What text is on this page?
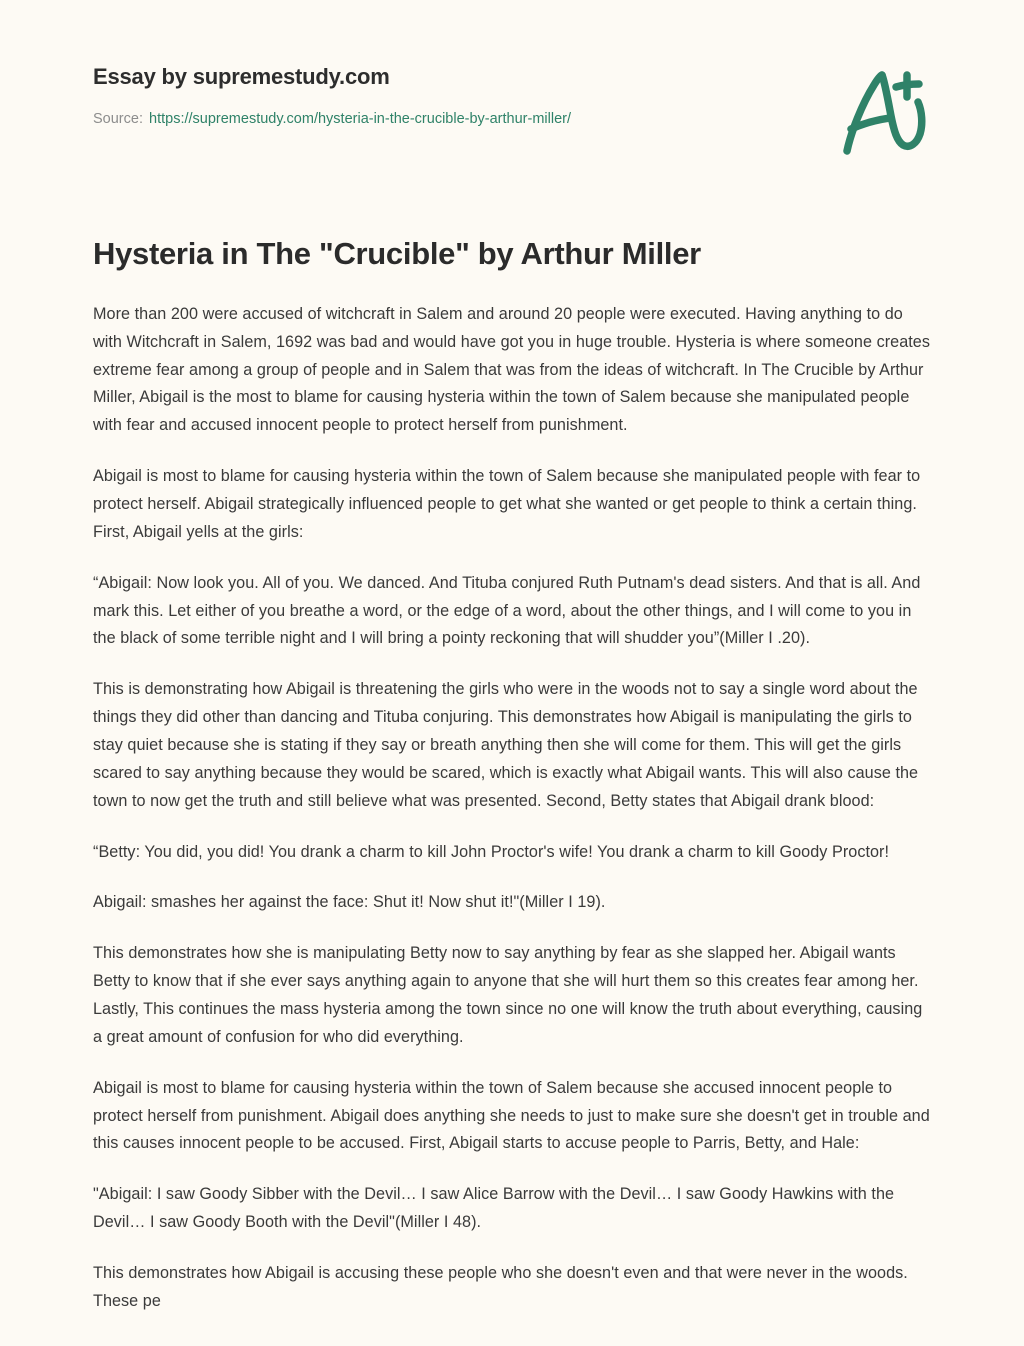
Essay by supremestudy.com
Source: https://supremestudy.com/hysteria-in-the-crucible-by-arthur-miller/
Hysteria in The "Crucible" by Arthur Miller

More than 200 were accused of witchcraft in Salem and around 20 people were executed. Having anything to do with Witchcraft in Salem, 1692 was bad and would have got you in huge trouble. Hysteria is where someone creates extreme fear among a group of people and in Salem that was from the ideas of witchcraft. In The Crucible by Arthur Miller, Abigail is the most to blame for causing hysteria within the town of Salem because she manipulated people with fear and accused innocent people to protect herself from punishment.

Abigail is most to blame for causing hysteria within the town of Salem because she manipulated people with fear to protect herself. Abigail strategically influenced people to get what she wanted or get people to think a certain thing. First, Abigail yells at the girls:

“Abigail: Now look you. All of you. We danced. And Tituba conjured Ruth Putnam's dead sisters. And that is all. And mark this. Let either of you breathe a word, or the edge of a word, about the other things, and I will come to you in the black of some terrible night and I will bring a pointy reckoning that will shudder you”(Miller I .20).

This is demonstrating how Abigail is threatening the girls who were in the woods not to say a single word about the things they did other than dancing and Tituba conjuring. This demonstrates how Abigail is manipulating the girls to stay quiet because she is stating if they say or breath anything then she will come for them. This will get the girls scared to say anything because they would be scared, which is exactly what Abigail wants. This will also cause the town to now get the truth and still believe what was presented. Second, Betty states that Abigail drank blood:

“Betty: You did, you did! You drank a charm to kill John Proctor's wife! You drank a charm to kill Goody Proctor!

Abigail: smashes her against the face: Shut it! Now shut it!"(Miller I 19).

This demonstrates how she is manipulating Betty now to say anything by fear as she slapped her. Abigail wants Betty to know that if she ever says anything again to anyone that she will hurt them so this creates fear among her. Lastly, This continues the mass hysteria among the town since no one will know the truth about everything, causing a great amount of confusion for who did everything.

Abigail is most to blame for causing hysteria within the town of Salem because she accused innocent people to protect herself from punishment. Abigail does anything she needs to just to make sure she doesn't get in trouble and this causes innocent people to be accused. First, Abigail starts to accuse people to Parris, Betty, and Hale:

"Abigail: I saw Goody Sibber with the Devil… I saw Alice Barrow with the Devil… I saw Goody Hawkins with the Devil… I saw Goody Booth with the Devil"(Miller I 48).

This demonstrates how Abigail is accusing these people who she doesn't even and that were never in the woods. These pe
